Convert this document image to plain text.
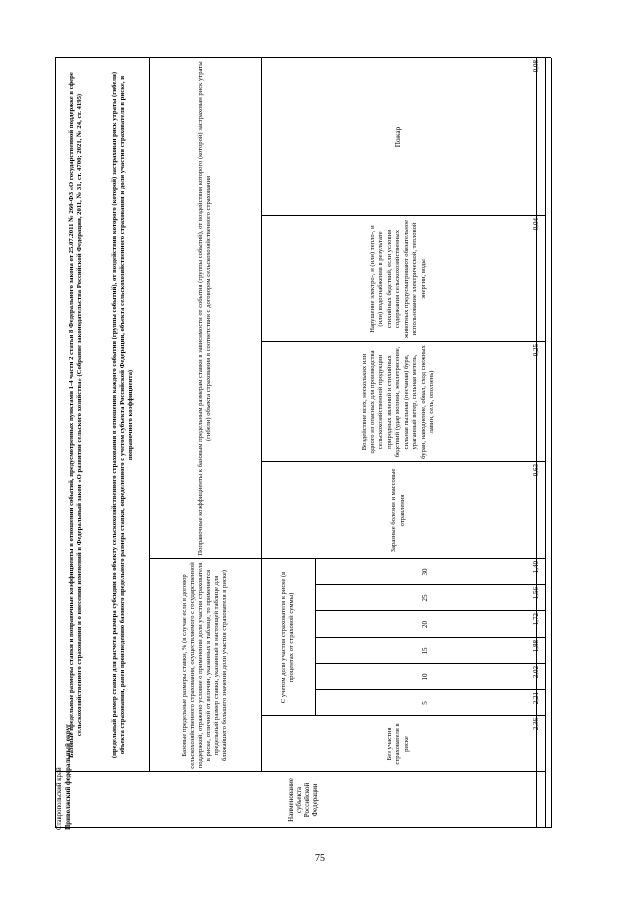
Наименование субъекта Российской Федерации
Базовые предельные размеры ставки и поправочные коэффициенты в отношении событий, предусмотренных пунктами 1-4 части 2 статьи 8 Федерального закона от 25.07.2011 № 260-ФЗ «О государственной поддержке в сфере сельскохозяйственного страхования и о внесении изменений в Федеральный закон «О развитии сельского хозяйства» (Собрание законодательства Российской Федерации, 2011, № 31, ст. 4700; 2021, № 24, ст. 4195)	(предельный размер ставки для расчета размера субсидии по объекту сельскохозяйственного страхования в отношении каждого события (группы событий), от воздействия которого (которой) застрахован риск утраты (гибели) объекта страхования, равен произведению базового предельного размера ставки, определенного с учетом субъекта Российской Федерации, объекта сельскохозяйственного страхования и доли участия страхователя в риске, и поправочного коэффициента)
Базовые предельные размеры ставки, % (в случае если в договор сельскохозяйственного страхования, осуществляемого с государственной поддержкой, отражено условие о применении доли участия страхователя в риске, отличной от величин, указанных в таблице, то применяется предельный размер ставки, указанный в настоящей таблице для ближайшего большего значения доли участия страхователя в риске)
Поправочные коэффициенты к базовым предельным размерам ставки в зависимости от события (группы событий), от воздействия которого (которой) застрахован риск утраты (гибели) объекта страхования в соответствии с договором сельскохозяйственного страхования
Без участия страхователя в риске
С учетом доли участия страхователя в риске (в процентах от страховой суммы)
5
10
15
20
25
30
Заразные болезни и массовые отравления
Воздействие всех, нескольких или одного из опасных для производства сельскохозяйственной продукции природных явлений и стихийных бедствий (удар молнии, землетрясение, сильная пыльная (песчаная) буря, ураганный ветер, сильная метель, буран, наводнение, обвал, сход снежных лавин, сель, оползень)
Нарушение электро-, и (или) тепло-, и (или) водоснабжения в результате стихийных бедствий, если условия содержания сельскохозяйственных животных предусматривают обязательное использование электрической, тепловой энергии, воды
Пожар
2,36
2,21
2,02
1,88
1,72
1,56
1,40
0,63
0,25
0,04
0,08
Ставропольский край Приволжский федеральный округ
75
